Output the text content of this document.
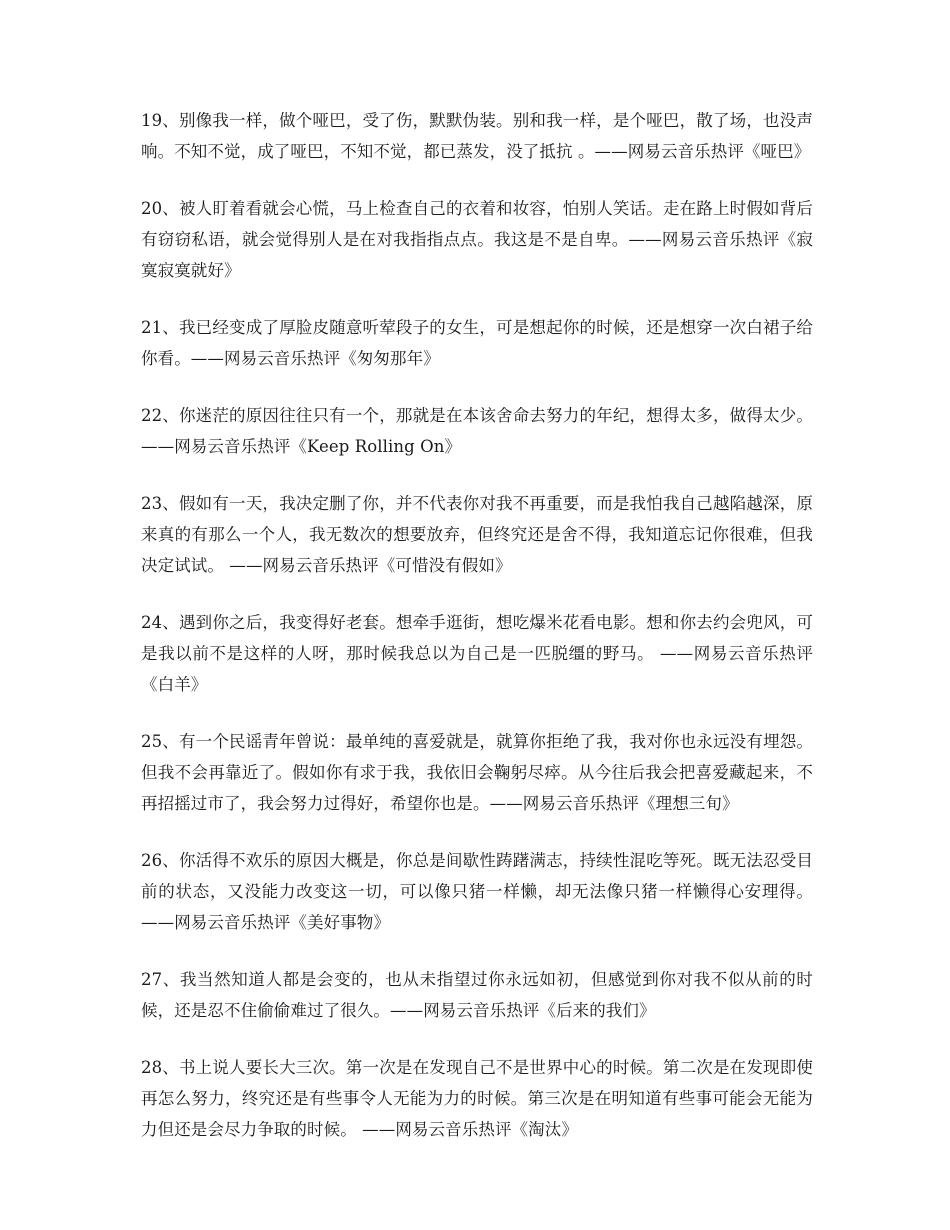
19、别像我一样，做个哑巴，受了伤，默默伪装。别和我一样，是个哑巴，散了场，也没声响。不知不觉，成了哑巴，不知不觉，都已蒸发，没了抵抗 。——网易云音乐热评《哑巴》

20、被人盯着看就会心慌，马上检查自己的衣着和妆容，怕别人笑话。走在路上时假如背后有窃窃私语，就会觉得别人是在对我指指点点。我这是不是自卑。——网易云音乐热评《寂寞寂寞就好》

21、我已经变成了厚脸皮随意听荤段子的女生，可是想起你的时候，还是想穿一次白裙子给你看。——网易云音乐热评《匆匆那年》

22、你迷茫的原因往往只有一个，那就是在本该舍命去努力的年纪，想得太多，做得太少。——网易云音乐热评《Keep Rolling On》

23、假如有一天，我决定删了你，并不代表你对我不再重要，而是我怕我自己越陷越深，原来真的有那么一个人，我无数次的想要放弃，但终究还是舍不得，我知道忘记你很难，但我决定试试。 ——网易云音乐热评《可惜没有假如》

24、遇到你之后，我变得好老套。想牵手逛街，想吃爆米花看电影。想和你去约会兜风，可是我以前不是这样的人呀，那时候我总以为自己是一匹脱缰的野马。 ——网易云音乐热评《白羊》

25、有一个民谣青年曾说：最单纯的喜爱就是，就算你拒绝了我，我对你也永远没有埋怨。但我不会再靠近了。假如你有求于我，我依旧会鞠躬尽瘁。从今往后我会把喜爱藏起来，不再招摇过市了，我会努力过得好，希望你也是。——网易云音乐热评《理想三旬》

26、你活得不欢乐的原因大概是，你总是间歇性踌躇满志，持续性混吃等死。既无法忍受目前的状态，又没能力改变这一切，可以像只猪一样懒，却无法像只猪一样懒得心安理得。——网易云音乐热评《美好事物》

27、我当然知道人都是会变的，也从未指望过你永远如初，但感觉到你对我不似从前的时候，还是忍不住偷偷难过了很久。——网易云音乐热评《后来的我们》

28、书上说人要长大三次。第一次是在发现自己不是世界中心的时候。第二次是在发现即使再怎么努力，终究还是有些事令人无能为力的时候。第三次是在明知道有些事可能会无能为力但还是会尽力争取的时候。 ——网易云音乐热评《淘汰》
